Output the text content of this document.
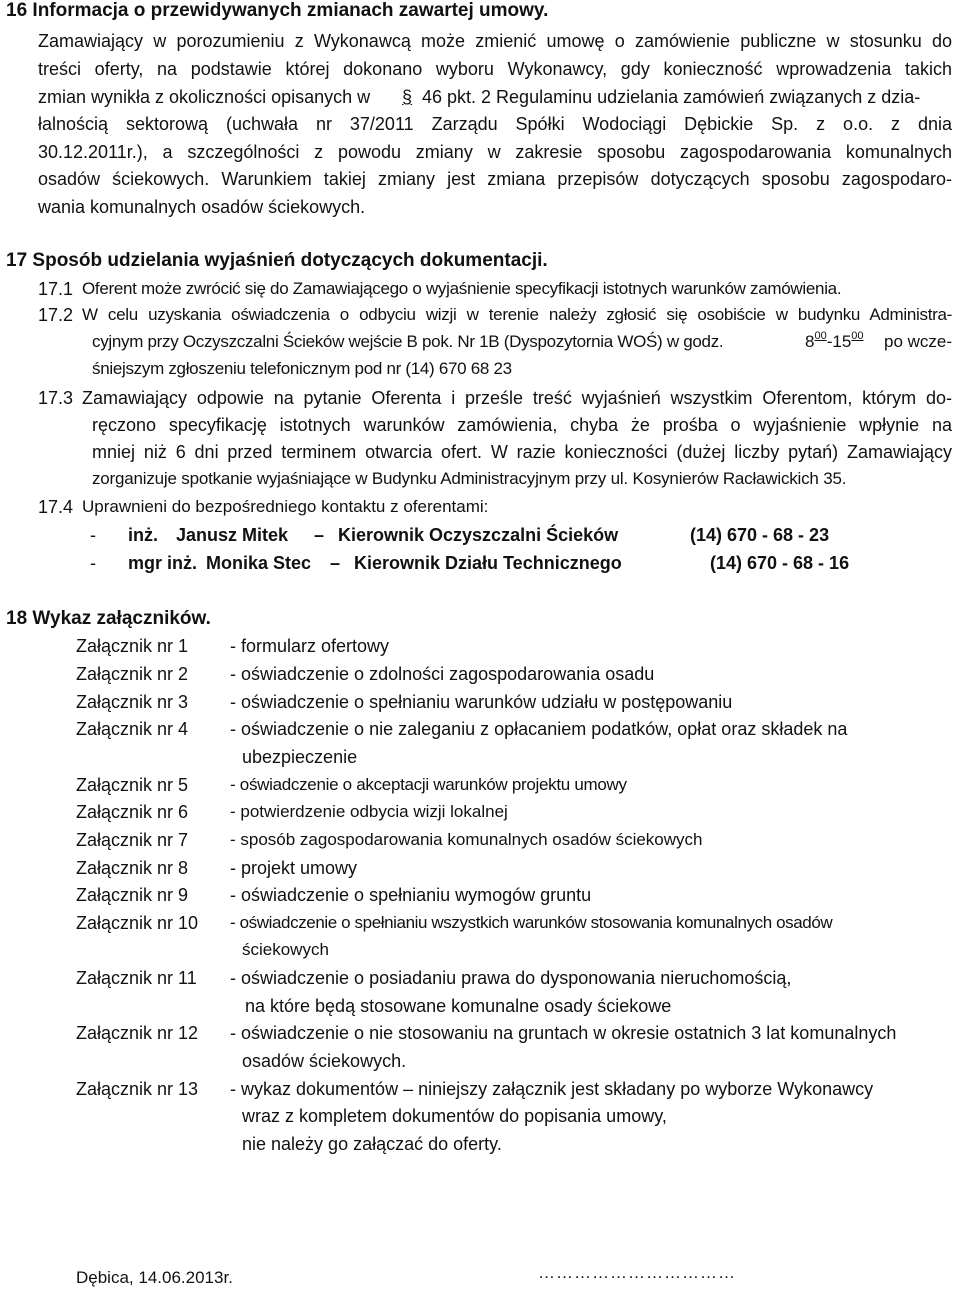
16 Informacja o przewidywanych zmianach zawartej umowy.
Zamawiający w porozumieniu z Wykonawcą może zmienić umowę o zamówienie publiczne w stosunku do
treści oferty, na podstawie której dokonano wyboru Wykonawcy, gdy konieczność wprowadzenia takich
zmian wynikła z okoliczności opisanych w § 46 pkt. 2 Regulaminu udzielania zamówień związanych z dzia-
łalnością sektorową (uchwała nr 37/2011 Zarządu Spółki Wodociągi Dębickie Sp. z o.o. z dnia
30.12.2011r.), a szczególności z powodu zmiany w zakresie sposobu zagospodarowania komunalnych
osadów ściekowych. Warunkiem takiej zmiany jest zmiana przepisów dotyczących sposobu zagospodaro-
wania komunalnych osadów ściekowych.
17 Sposób udzielania wyjaśnień dotyczących dokumentacji.
17.1 Oferent może zwrócić się do Zamawiającego o wyjaśnienie specyfikacji istotnych warunków zamówienia.
17.2 W celu uzyskania oświadczenia o odbyciu wizji w terenie należy zgłosić się osobiście w budynku Administra-
cyjnym przy Oczyszczalni Ścieków wejście B pok. Nr 1B (Dyspozytornia WOŚ) w godz.	$8^{00}-15^{00}$ po wcze-
śniejszym zgłoszeniu telefonicznym pod nr (14) 670 68 23
17.3 Zamawiający odpowie na pytanie Oferenta i prześle treść wyjaśnień wszystkim Oferentom, którym do-
ręczono specyfikację istotnych warunków zamówienia, chyba że prośba o wyjaśnienie wpłynie na
mniej niż 6 dni przed terminem otwarcia ofert. W razie konieczności (dużej liczby pytań) Zamawiający
zorganizuje spotkanie wyjaśniające w Budynku Administracyjnym przy ul. Kosynierów Racławickich 35.
17.4 Uprawnieni do bezpośredniego kontaktu z oferentami:
- inż. Janusz Mitek – Kierownik Oczyszczalni Ścieków	(14) 670 - 68 - 23
- mgr inż. Monika Stec – Kierownik Działu Technicznego	(14) 670 - 68 - 16
18 Wykaz załączników.
Załącznik nr 1 - formularz ofertowy
Załącznik nr 2 - oświadczenie o zdolności zagospodarowania osadu
Załącznik nr 3 - oświadczenie o spełnianiu warunków udziału w postępowaniu
Załącznik nr 4 - oświadczenie o nie zaleganiu z opłacaniem podatków, opłat oraz składek na
ubezpieczenie
Załącznik nr 5 - oświadczenie o akceptacji warunków projektu umowy
Załącznik nr 6 - potwierdzenie odbycia wizji lokalnej
Załącznik nr 7 - sposób zagospodarowania komunalnych osadów ściekowych
Załącznik nr 8 - projekt umowy
Załącznik nr 9 - oświadczenie o spełnianiu wymogów gruntu
Załącznik nr 10 - oświadczenie o spełnianiu wszystkich warunków stosowania komunalnych osadów
ściekowych
Załącznik nr 11 - oświadczenie o posiadaniu prawa do dysponowania nieruchomością,
na które będą stosowane komunalne osady ściekowe
Załącznik nr 12 - oświadczenie o nie stosowaniu na gruntach w okresie ostatnich 3 lat komunalnych
osadów ściekowych.
Załącznik nr 13 - wykaz dokumentów – niniejszy załącznik jest składany po wyborze Wykonawcy
wraz z kompletem dokumentów do popisania umowy,
nie należy go załączać do oferty.
Dębica, 14.06.2013r.	……………………………
